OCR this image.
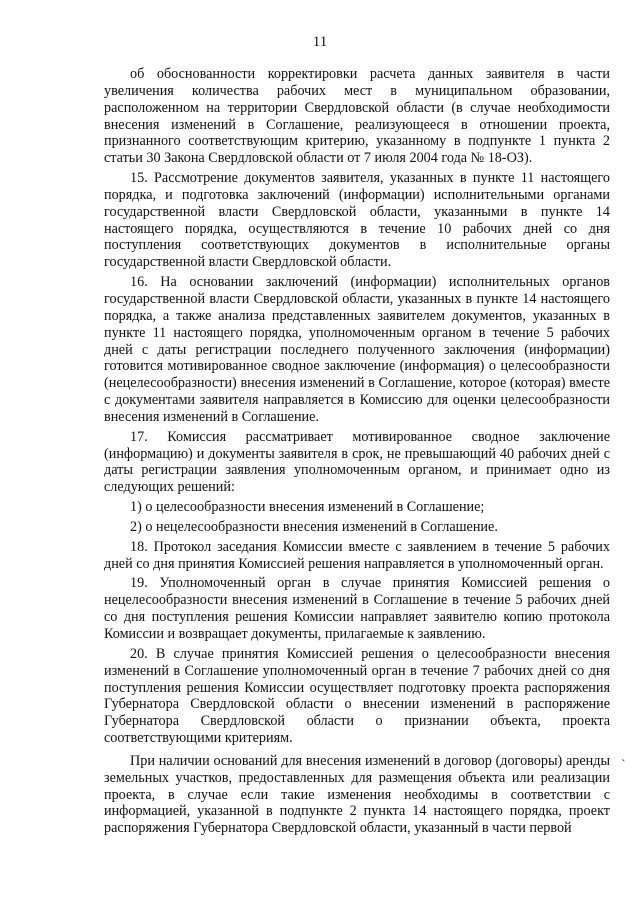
11

об обоснованности корректировки расчета данных заявителя в части увеличения количества рабочих мест в муниципальном образовании, расположенном на территории Свердловской области (в случае необходимости внесения изменений в Соглашение, реализующееся в отношении проекта, признанного соответствующим критерию, указанному в подпункте 1 пункта 2 статьи 30 Закона Свердловской области от 7 июля 2004 года № 18-ОЗ).

15. Рассмотрение документов заявителя, указанных в пункте 11 настоящего порядка, и подготовка заключений (информации) исполнительными органами государственной власти Свердловской области, указанными в пункте 14 настоящего порядка, осуществляются в течение 10 рабочих дней со дня поступления соответствующих документов в исполнительные органы государственной власти Свердловской области.

16. На основании заключений (информации) исполнительных органов государственной власти Свердловской области, указанных в пункте 14 настоящего порядка, а также анализа представленных заявителем документов, указанных в пункте 11 настоящего порядка, уполномоченным органом в течение 5 рабочих дней с даты регистрации последнего полученного заключения (информации) готовится мотивированное сводное заключение (информация) о целесообразности (нецелесообразности) внесения изменений в Соглашение, которое (которая) вместе с документами заявителя направляется в Комиссию для оценки целесообразности внесения изменений в Соглашение.

17. Комиссия рассматривает мотивированное сводное заключение (информацию) и документы заявителя в срок, не превышающий 40 рабочих дней с даты регистрации заявления уполномоченным органом, и принимает одно из следующих решений:

1) о целесообразности внесения изменений в Соглашение;

2) о нецелесообразности внесения изменений в Соглашение.

18. Протокол заседания Комиссии вместе с заявлением в течение 5 рабочих дней со дня принятия Комиссией решения направляется в уполномоченный орган.

19. Уполномоченный орган в случае принятия Комиссией решения о нецелесообразности внесения изменений в Соглашение в течение 5 рабочих дней со дня поступления решения Комиссии направляет заявителю копию протокола Комиссии и возвращает документы, прилагаемые к заявлению.

20. В случае принятия Комиссией решения о целесообразности внесения изменений в Соглашение уполномоченный орган в течение 7 рабочих дней со дня поступления решения Комиссии осуществляет подготовку проекта распоряжения Губернатора Свердловской области о внесении изменений в распоряжение Губернатора Свердловской области о признании объекта, проекта соответствующими критериям.

При наличии оснований для внесения изменений в договор (договоры) аренды земельных участков, предоставленных для размещения объекта или реализации проекта, в случае если такие изменения необходимы в соответствии с информацией, указанной в подпункте 2 пункта 14 настоящего порядка, проект распоряжения Губернатора Свердловской области, указанный в части первой

˴
